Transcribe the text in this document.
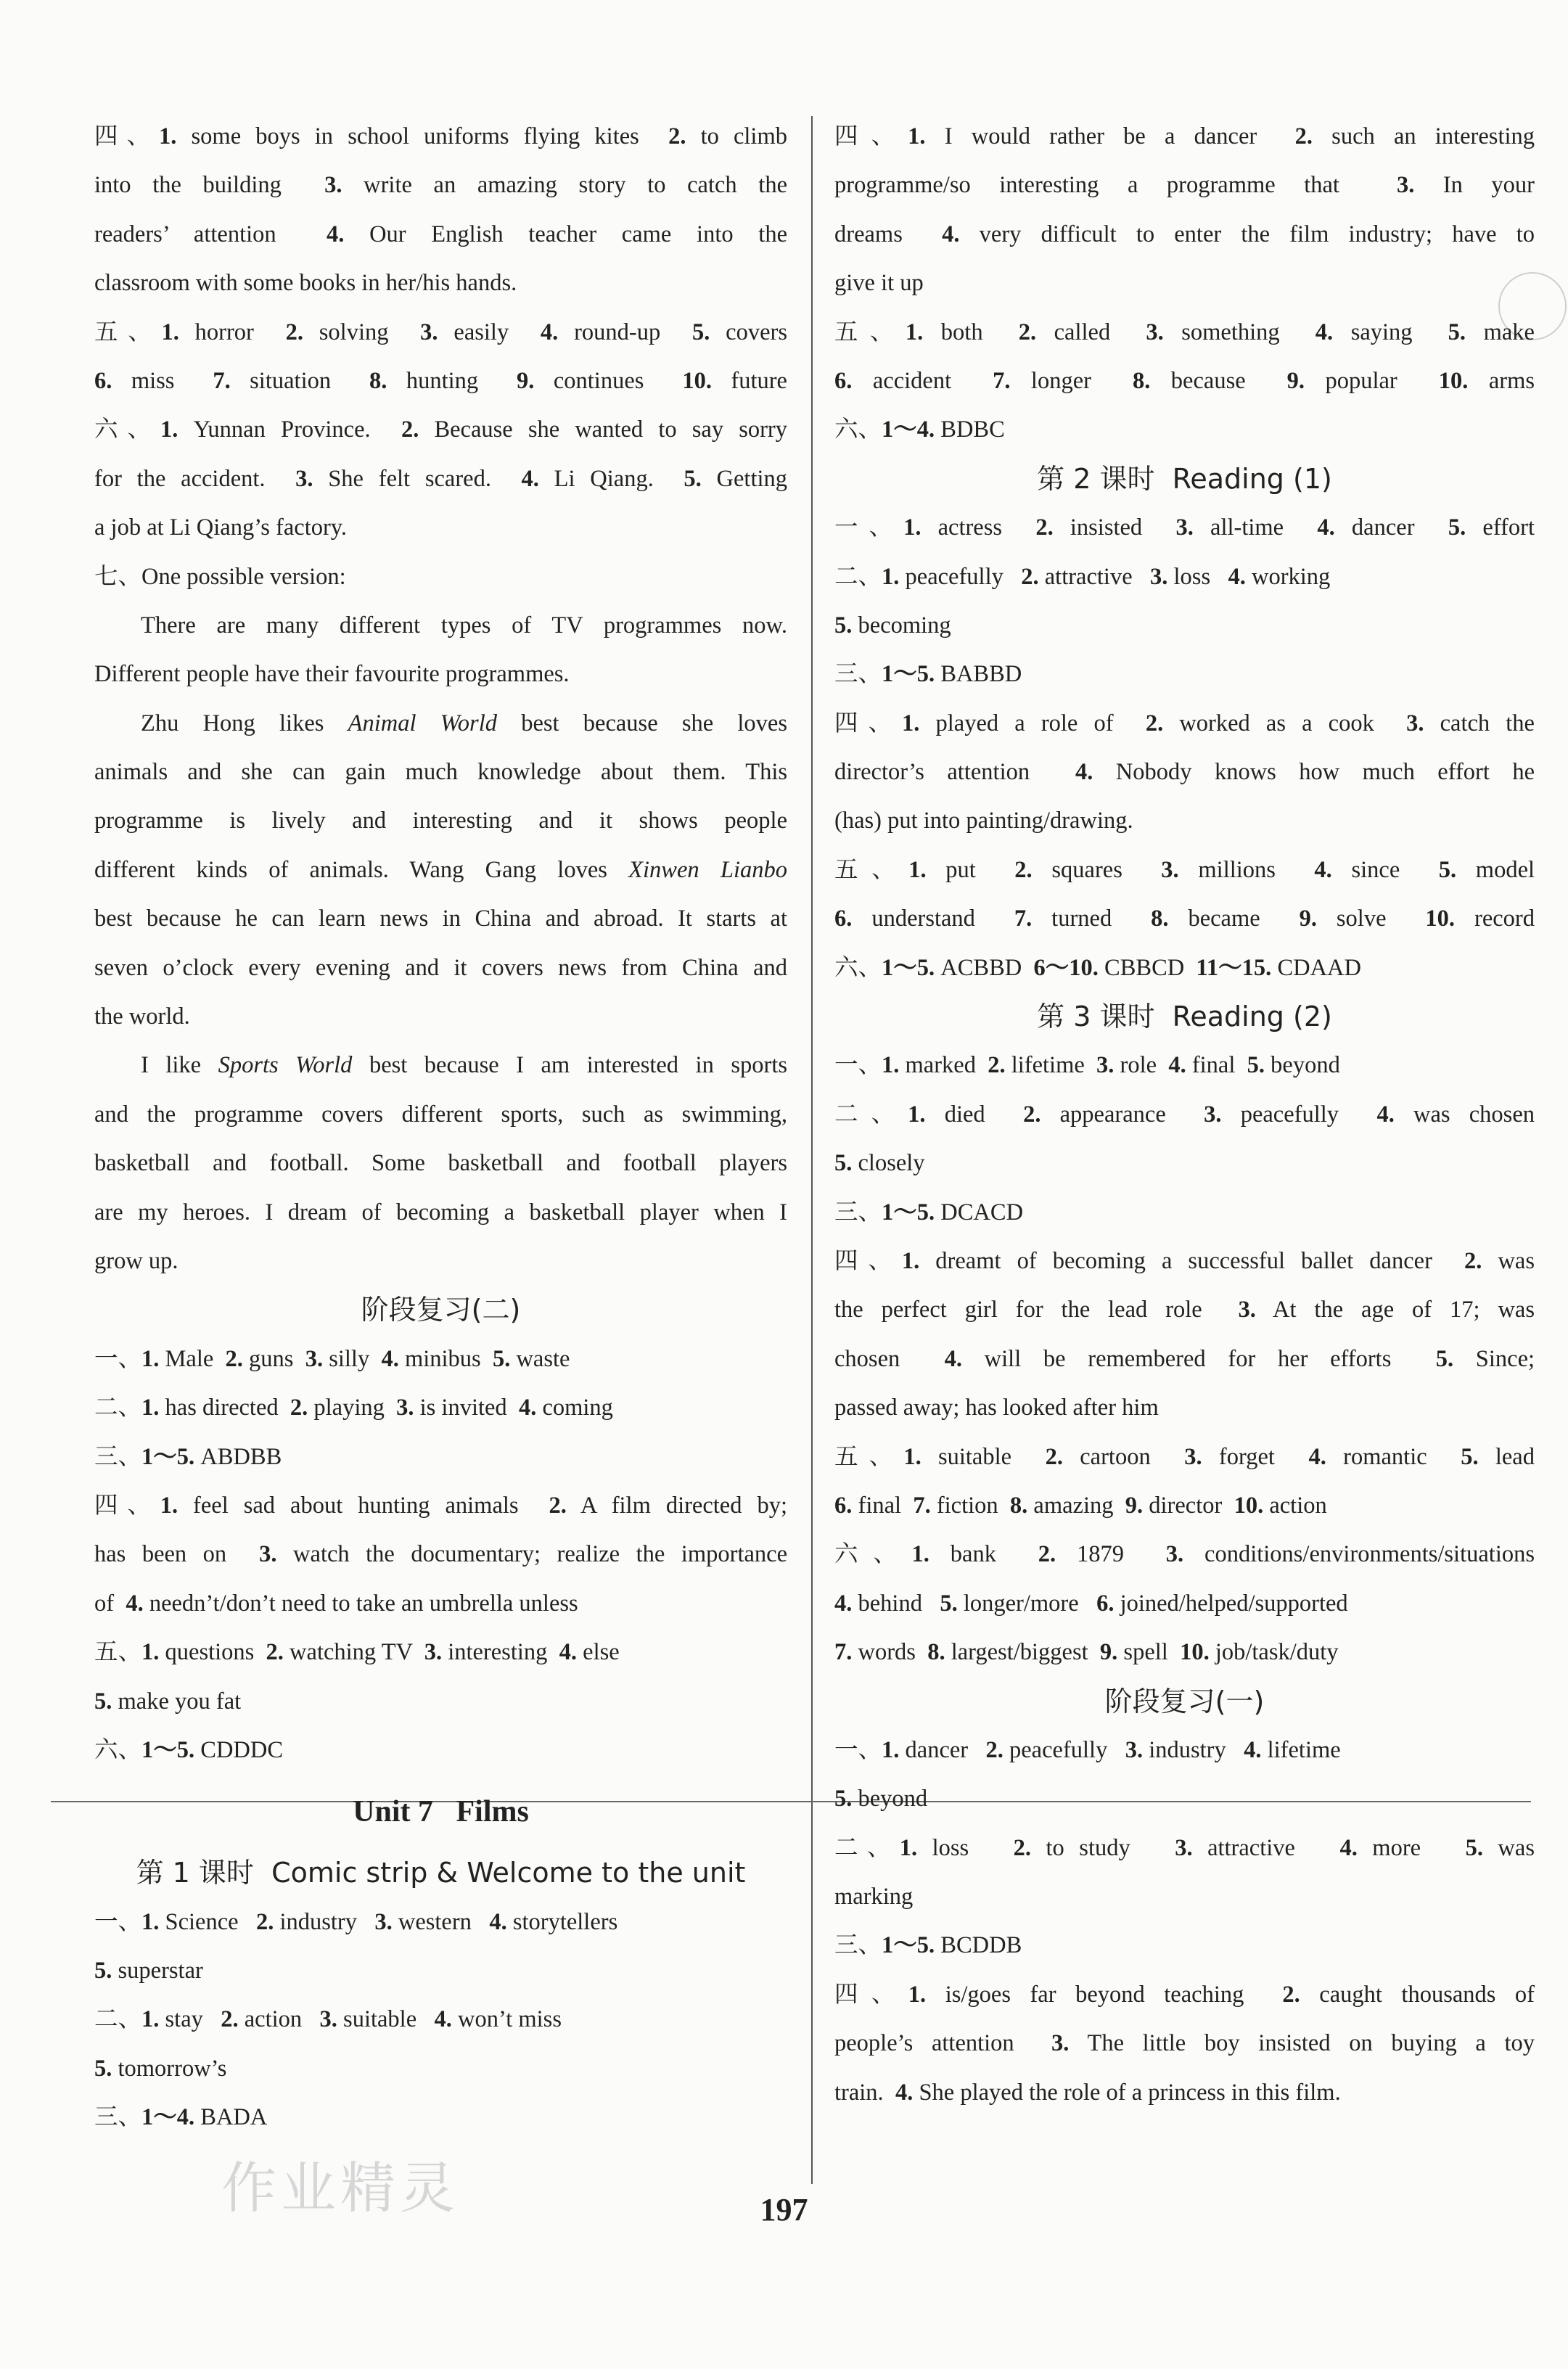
四、1. some boys in school uniforms flying kites  2. to climb
into the building  3. write an amazing story to catch the
readers’ attention  4. Our English teacher came into the
classroom with some books in her/his hands.
五、1. horror  2. solving  3. easily  4. round-up  5. covers
6. miss  7. situation  8. hunting  9. continues  10. future
六、1. Yunnan Province.  2. Because she wanted to say sorry
for the accident.  3. She felt scared.  4. Li Qiang.  5. Getting
a job at Li Qiang’s factory.
七、One possible version:
There are many different types of TV programmes now.
Different people have their favourite programmes.
Zhu Hong likes Animal World best because she loves
animals and she can gain much knowledge about them. This
programme is lively and interesting and it shows people
different kinds of animals. Wang Gang loves Xinwen Lianbo
best because he can learn news in China and abroad. It starts at
seven o’clock every evening and it covers news from China and
the world.
I like Sports World best because I am interested in sports
and the programme covers different sports, such as swimming,
basketball and football. Some basketball and football players
are my heroes. I dream of becoming a basketball player when I
grow up.
阶段复习(二)
一、1. Male  2. guns  3. silly  4. minibus  5. waste
二、1. has directed  2. playing  3. is invited  4. coming
三、1～5. ABDBB
四、1. feel sad about hunting animals  2. A film directed by;
has been on  3. watch the documentary; realize the importance
of  4. needn’t/don’t need to take an umbrella unless
五、1. questions  2. watching TV  3. interesting  4. else
5. make you fat
六、1～5. CDDDC
Unit 7   Films
第 1 课时  Comic strip & Welcome to the unit
一、1. Science   2. industry   3. western   4. storytellers
5. superstar
二、1. stay   2. action   3. suitable   4. won’t miss
5. tomorrow’s
三、1～4. BADA
四、1. I would rather be a dancer  2. such an interesting
programme/so interesting a programme that  3. In your
dreams  4. very difficult to enter the film industry; have to
give it up
五、1. both  2. called  3. something  4. saying  5. make
6. accident  7. longer  8. because  9. popular  10. arms
六、1～4. BDBC
第 2 课时  Reading (1)
一、1. actress  2. insisted  3. all-time  4. dancer  5. effort
二、1. peacefully   2. attractive   3. loss   4. working
5. becoming
三、1～5. BABBD
四、1. played a role of  2. worked as a cook  3. catch the
director’s attention  4. Nobody knows how much effort he
(has) put into painting/drawing.
五、1. put  2. squares  3. millions  4. since  5. model
6. understand  7. turned  8. became  9. solve  10. record
六、1～5. ACBBD  6～10. CBBCD  11～15. CDAAD
第 3 课时  Reading (2)
一、1. marked  2. lifetime  3. role  4. final  5. beyond
二、1. died  2. appearance  3. peacefully  4. was chosen
5. closely
三、1～5. DCACD
四、1. dreamt of becoming a successful ballet dancer  2. was
the perfect girl for the lead role  3. At the age of 17; was
chosen  4. will be remembered for her efforts  5. Since;
passed away; has looked after him
五、1. suitable  2. cartoon  3. forget  4. romantic  5. lead
6. final  7. fiction  8. amazing  9. director  10. action
六、1. bank  2. 1879  3. conditions/environments/situations
4. behind   5. longer/more   6. joined/helped/supported
7. words  8. largest/biggest  9. spell  10. job/task/duty
阶段复习(一)
一、1. dancer   2. peacefully   3. industry   4. lifetime
5. beyond
二、1. loss   2. to study   3. attractive   4. more   5. was
marking
三、1～5. BCDDB
四、1. is/goes far beyond teaching  2. caught thousands of
people’s attention  3. The little boy insisted on buying a toy
train.  4. She played the role of a princess in this film.
作业精灵	197
